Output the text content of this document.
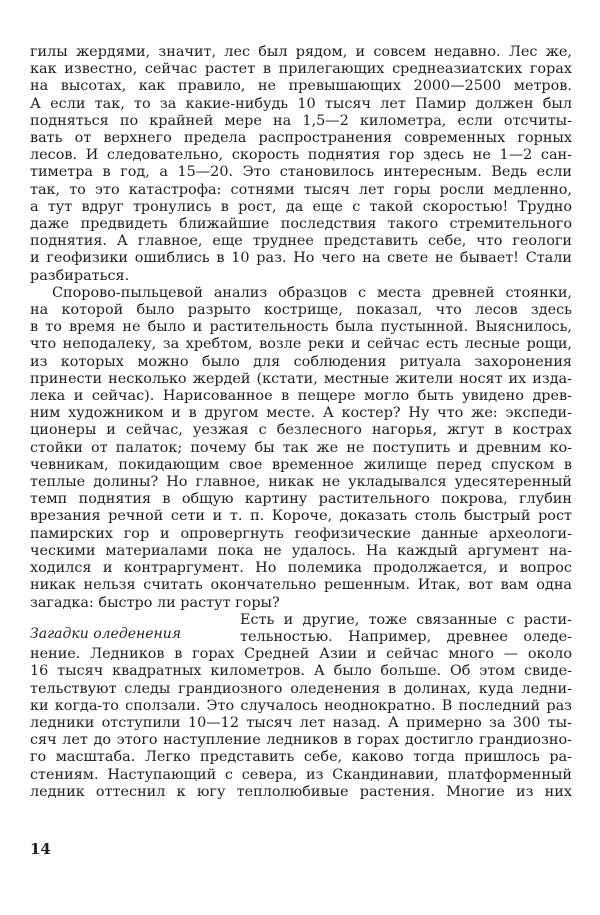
гилы жердями, значит, лес был рядом, и совсем недавно. Лес же,
как известно, сейчас растет в прилегающих среднеазиатских горах
на высотах, как правило, не превышающих 2000—2500 метров.
А если так, то за какие-нибудь 10 тысяч лет Памир должен был
подняться по крайней мере на 1,5—2 километра, если отсчиты-
вать от верхнего предела распространения современных горных
лесов. И следовательно, скорость поднятия гор здесь не 1—2 сан-
тиметра в год, а 15—20. Это становилось интересным. Ведь если
так, то это катастрофа: сотнями тысяч лет горы росли медленно,
а тут вдруг тронулись в рост, да еще с такой скоростью! Трудно
даже предвидеть ближайшие последствия такого стремительного
поднятия. А главное, еще труднее представить себе, что геологи
и геофизики ошиблись в 10 раз. Но чего на свете не бывает! Стали
разбираться.
Спорово-пыльцевой анализ образцов с места древней стоянки,
на которой было разрыто кострище, показал, что лесов здесь
в то время не было и растительность была пустынной. Выяснилось,
что неподалеку, за хребтом, возле реки и сейчас есть лесные рощи,
из которых можно было для соблюдения ритуала захоронения
принести несколько жердей (кстати, местные жители носят их изда-
лека и сейчас). Нарисованное в пещере могло быть увидено древ-
ним художником и в другом месте. А костер? Ну что же: экспеди-
ционеры и сейчас, уезжая с безлесного нагорья, жгут в кострах
стойки от палаток; почему бы так же не поступить и древним ко-
чевникам, покидающим свое временное жилище перед спуском в
теплые долины? Но главное, никак не укладывался удесятеренный
темп поднятия в общую картину растительного покрова, глубин
врезания речной сети и т. п. Короче, доказать столь быстрый рост
памирских гор и опровергнуть геофизические данные археологи-
ческими материалами пока не удалось. На каждый аргумент на-
ходился и контраргумент. Но полемика продолжается, и вопрос
никак нельзя считать окончательно решенным. Итак, вот вам одна
загадка: быстро ли растут горы?
Загадки оледенения
Есть и другие, тоже связанные с расти-
тельностью. Например, древнее оледе-
нение. Ледников в горах Средней Азии и сейчас много — около
16 тысяч квадратных километров. А было больше. Об этом свиде-
тельствуют следы грандиозного оледенения в долинах, куда ледни-
ки когда-то сползали. Это случалось неоднократно. В последний раз
ледники отступили 10—12 тысяч лет назад. А примерно за 300 ты-
сяч лет до этого наступление ледников в горах достигло грандиозно-
го масштаба. Легко представить себе, каково тогда пришлось ра-
стениям. Наступающий с севера, из Скандинавии, платформенный
ледник оттеснил к югу теплолюбивые растения. Многие из них
14
